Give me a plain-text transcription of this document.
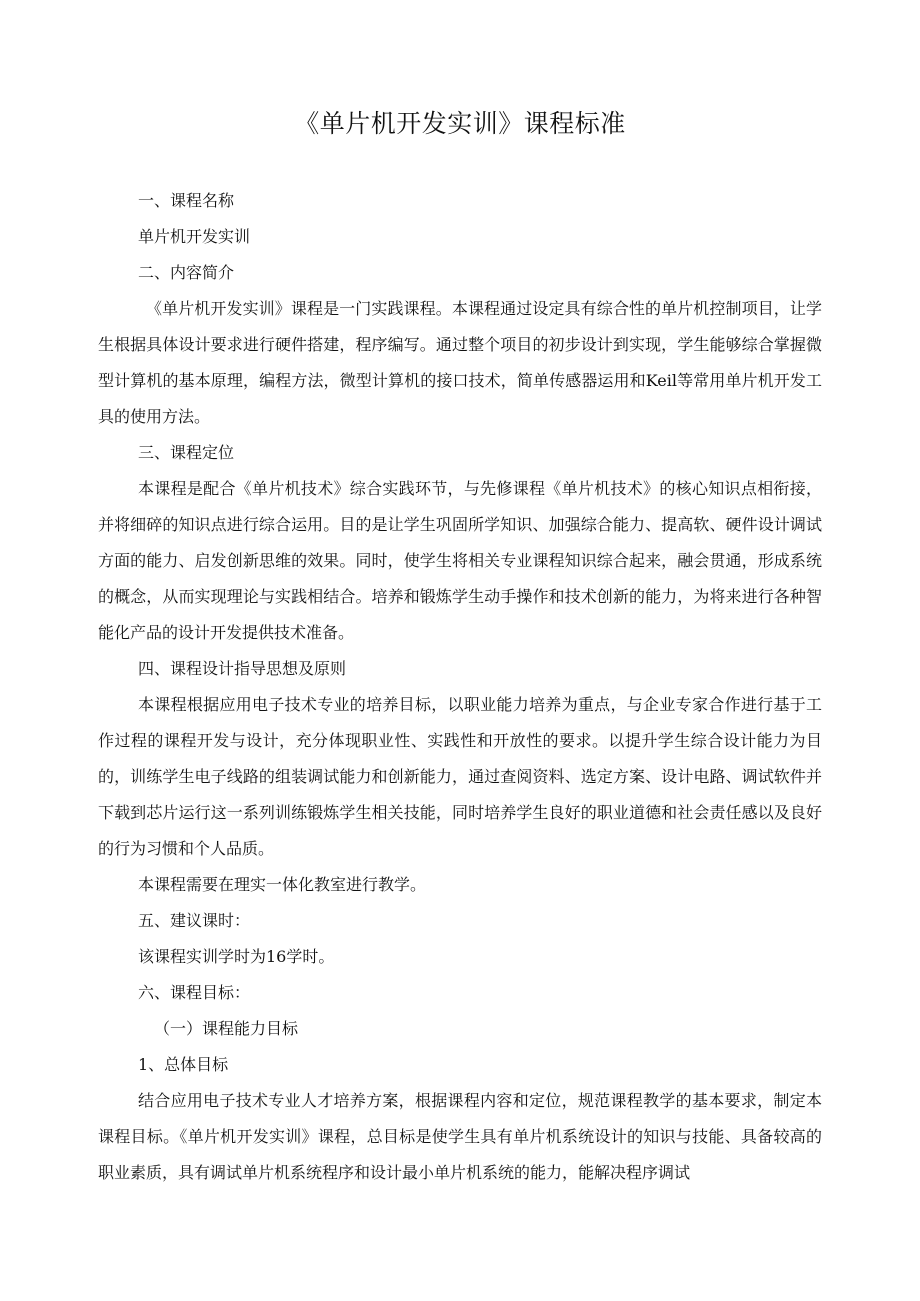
《单片机开发实训》课程标准

一、课程名称

单片机开发实训

二、内容简介

《单片机开发实训》课程是一门实践课程。本课程通过设定具有综合性的单片机控制项目，让学生根据具体设计要求进行硬件搭建，程序编写。通过整个项目的初步设计到实现，学生能够综合掌握微型计算机的基本原理，编程方法，微型计算机的接口技术，简单传感器运用和Keil等常用单片机开发工具的使用方法。

三、课程定位

本课程是配合《单片机技术》综合实践环节，与先修课程《单片机技术》的核心知识点相衔接，并将细碎的知识点进行综合运用。目的是让学生巩固所学知识、加强综合能力、提高软、硬件设计调试方面的能力、启发创新思维的效果。同时，使学生将相关专业课程知识综合起来，融会贯通，形成系统的概念，从而实现理论与实践相结合。培养和锻炼学生动手操作和技术创新的能力，为将来进行各种智能化产品的设计开发提供技术准备。

四、课程设计指导思想及原则

本课程根据应用电子技术专业的培养目标，以职业能力培养为重点，与企业专家合作进行基于工作过程的课程开发与设计，充分体现职业性、实践性和开放性的要求。以提升学生综合设计能力为目的，训练学生电子线路的组装调试能力和创新能力，通过查阅资料、选定方案、设计电路、调试软件并下载到芯片运行这一系列训练锻炼学生相关技能，同时培养学生良好的职业道德和社会责任感以及良好的行为习惯和个人品质。

本课程需要在理实一体化教室进行教学。

五、建议课时：

该课程实训学时为16学时。

六、课程目标：

（一）课程能力目标

1、总体目标

结合应用电子技术专业人才培养方案，根据课程内容和定位，规范课程教学的基本要求，制定本课程目标。《单片机开发实训》课程，总目标是使学生具有单片机系统设计的知识与技能、具备较高的职业素质，具有调试单片机系统程序和设计最小单片机系统的能力，能解决程序调试
